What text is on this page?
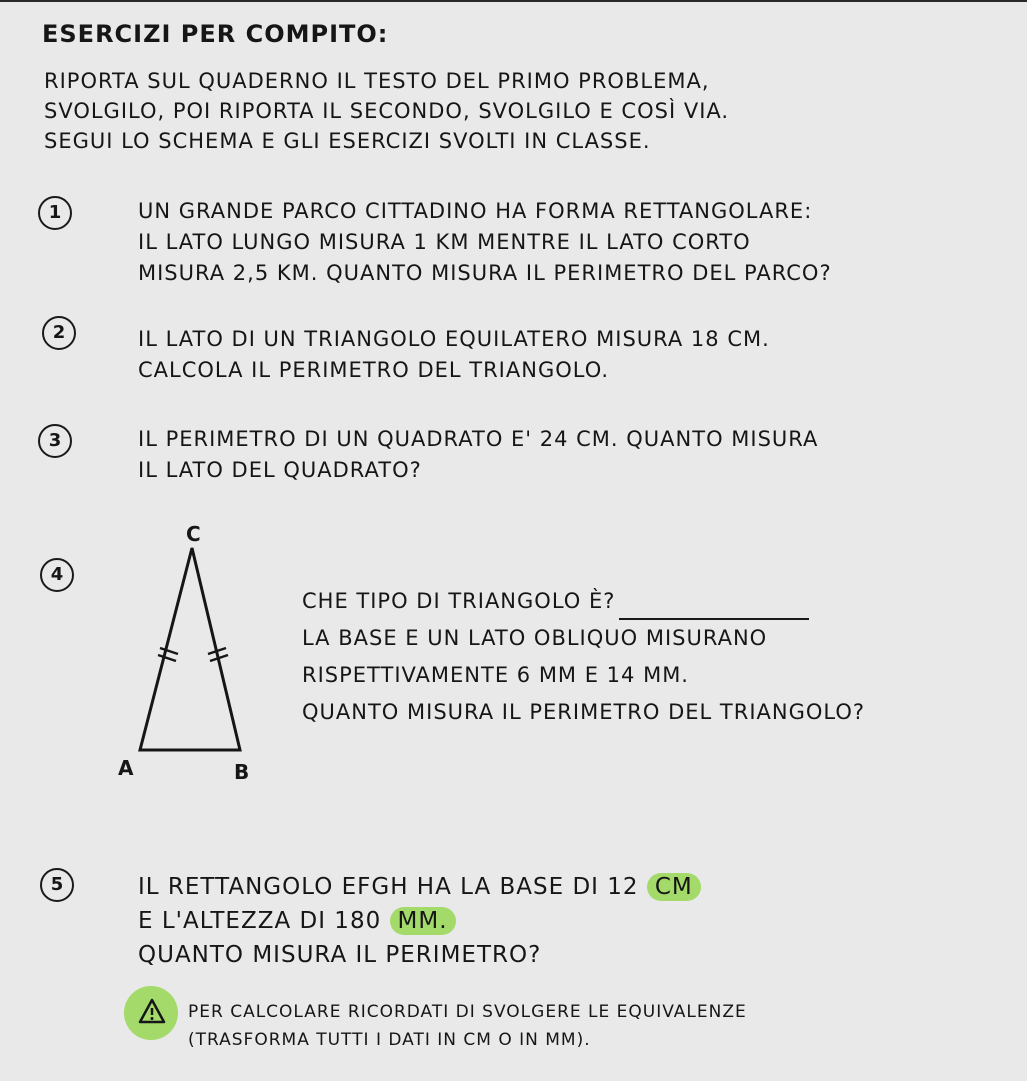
ESERCIZI PER COMPITO:
RIPORTA SUL QUADERNO IL TESTO DEL PRIMO PROBLEMA,
SVOLGILO, POI RIPORTA IL SECONDO, SVOLGILO E COSÌ VIA.
SEGUI LO SCHEMA E GLI ESERCIZI SVOLTI IN CLASSE.
1	UN GRANDE PARCO CITTADINO HA FORMA RETTANGOLARE:
IL LATO LUNGO MISURA 1 KM MENTRE IL LATO CORTO
MISURA 2,5 KM. QUANTO MISURA IL PERIMETRO DEL PARCO?
2	IL LATO DI UN TRIANGOLO EQUILATERO MISURA 18 CM.
CALCOLA IL PERIMETRO DEL TRIANGOLO.
3	IL PERIMETRO DI UN QUADRATO E' 24 CM. QUANTO MISURA
IL LATO DEL QUADRATO?
4
C
A	B
CHE TIPO DI TRIANGOLO È?
LA BASE E UN LATO OBLIQUO MISURANO
RISPETTIVAMENTE 6 MM E 14 MM.
QUANTO MISURA IL PERIMETRO DEL TRIANGOLO?
5	IL RETTANGOLO EFGH HA LA BASE DI 12 CM
E L'ALTEZZA DI 180 MM.
QUANTO MISURA IL PERIMETRO?
PER CALCOLARE RICORDATI DI SVOLGERE LE EQUIVALENZE
(TRASFORMA TUTTI I DATI IN CM O IN MM).
